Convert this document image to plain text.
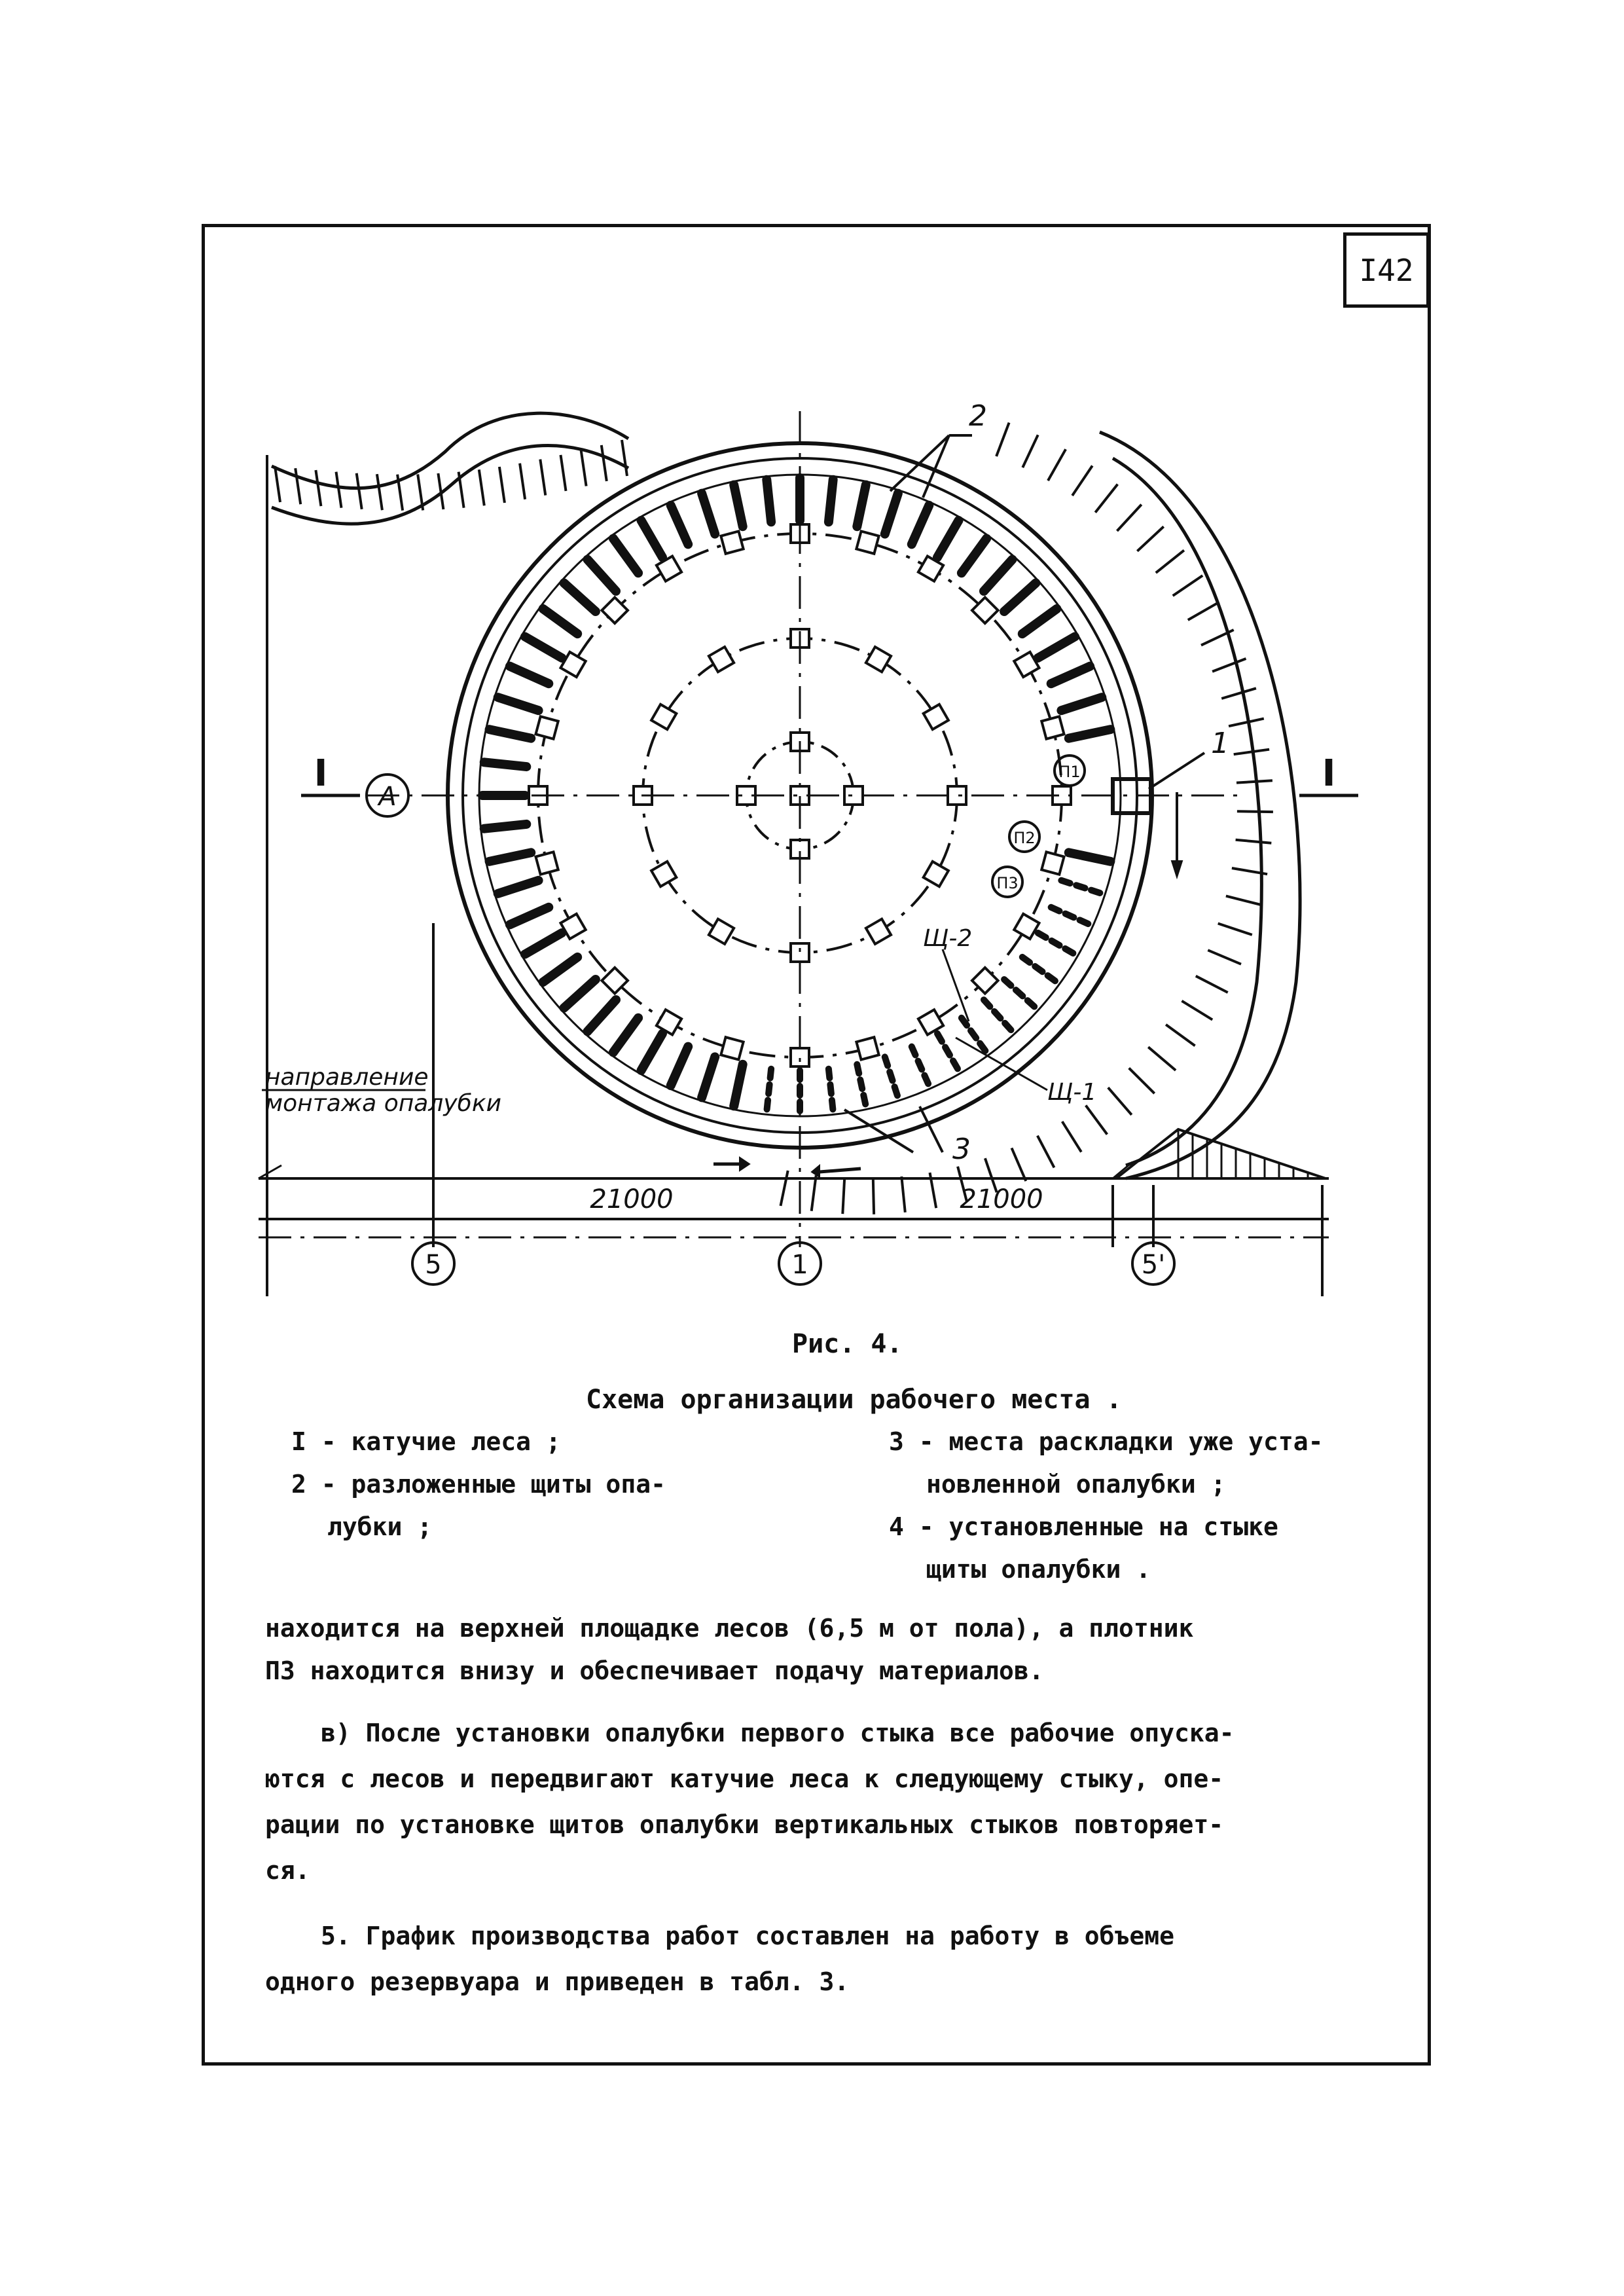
I42
5	1	5'
A
21000	21000
I	I
1
2
3
П1
П2
П3
Щ-1
Щ-2
направление
монтажа опалубки
Рис. 4.
Схема организации рабочего места .
I - катучие леса ;
2 - разложенные щиты опа-
лубки ;
3 - места раскладки уже уста-
новленной опалубки ;
4 - установленные на стыке
щиты опалубки .
находится на верхней площадке лесов (6,5 м от пола), а плотник
П3 находится внизу и обеспечивает подачу материалов.
в) После установки опалубки первого стыка все рабочие опуска-
ются с лесов и передвигают катучие леса к следующему стыку, опе-
рации по установке щитов опалубки вертикальных стыков повторяет-
ся.
5. График производства работ составлен на работу в объеме
одного резервуара и приведен в табл. 3.
